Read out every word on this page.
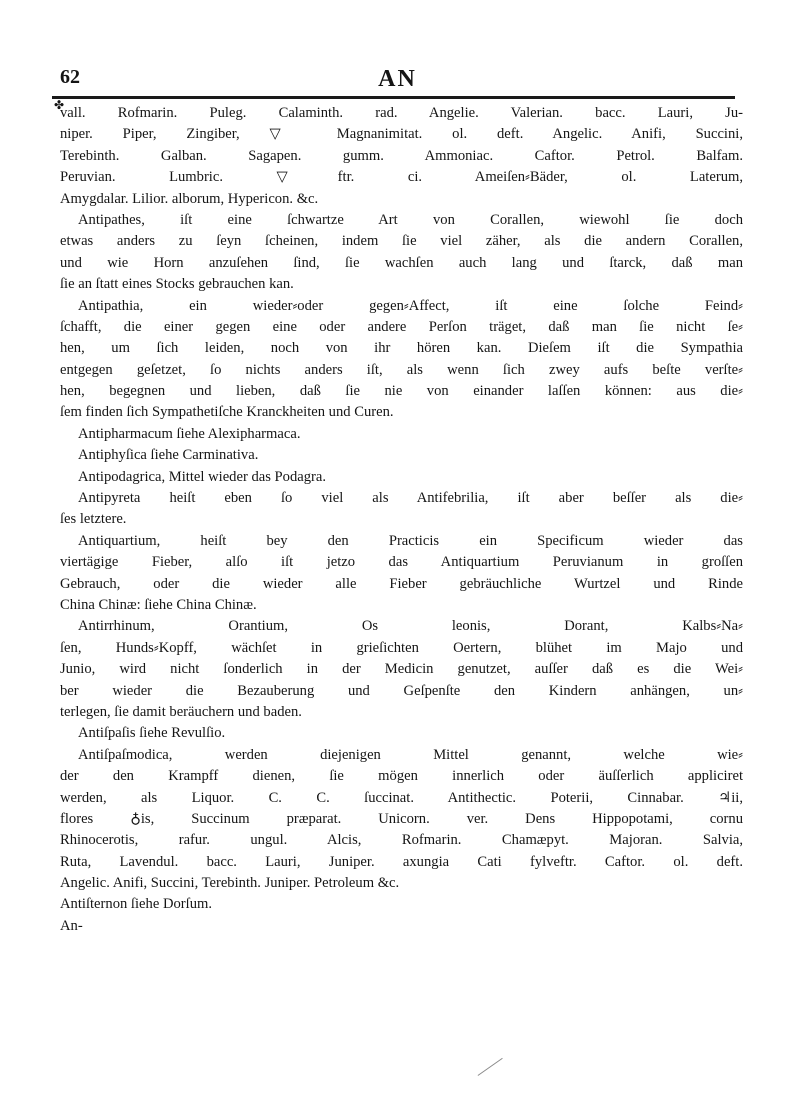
62	AN
✤
vall. Rofmarin. Puleg. Calaminth. rad. Angelie. Valerian. bacc. Lauri, Ju-
niper. Piper, Zingiber, ▽ Magnanimitat. ol. deft. Angelic. Anifi, Succini,
Terebinth. Galban. Sagapen. gumm. Ammoniac. Caftor. Petrol. Balfam.
Peruvian. Lumbric. ▽ftr. ci. Ameiſen⸗Bäder, ol. Laterum,
Amygdalar. Lilior. alborum, Hypericon. &c.
Antipathes, iſt eine ſchwartze Art von Corallen, wiewohl ſie doch
etwas anders zu ſeyn ſcheinen, indem ſie viel zäher, als die andern Corallen,
und wie Horn anzuſehen ſind, ſie wachſen auch lang und ſtarck, daß man
ſie an ſtatt eines Stocks gebrauchen kan.
Antipathia, ein wieder⸗oder gegen⸗Affect, iſt eine ſolche Feind⸗
ſchafft, die einer gegen eine oder andere Perſon träget, daß man ſie nicht ſe⸗
hen, um ſich leiden, noch von ihr hören kan. Dieſem iſt die Sympathia
entgegen geſetzet, ſo nichts anders iſt, als wenn ſich zwey aufs beſte verſte⸗
hen, begegnen und lieben, daß ſie nie von einander laſſen können: aus die⸗
ſem finden ſich Sympathetiſche Kranckheiten und Curen.
Antipharmacum ſiehe Alexipharmaca.
Antiphyſica ſiehe Carminativa.
Antipodagrica, Mittel wieder das Podagra.
Antipyreta heiſt eben ſo viel als Antifebrilia, iſt aber beſſer als die⸗
ſes letztere.
Antiquartium, heiſt bey den Practicis ein Specificum wieder das
viertägige Fieber, alſo iſt jetzo das Antiquartium Peruvianum in groſſen
Gebrauch, oder die wieder alle Fieber gebräuchliche Wurtzel und Rinde
China Chinæ: ſiehe China Chinæ.
Antirrhinum, Orantium, Os leonis, Dorant, Kalbs⸗Na⸗
ſen, Hunds⸗Kopff, wächſet in grieſichten Oertern, blühet im Majo und
Junio, wird nicht ſonderlich in der Medicin genutzet, auſſer daß es die Wei⸗
ber wieder die Bezauberung und Geſpenſte den Kindern anhängen, un⸗
terlegen, ſie damit beräuchern und baden.
Antiſpaſis ſiehe Revulſio.
Antiſpaſmodica, werden diejenigen Mittel genannt, welche wie⸗
der den Krampff dienen, ſie mögen innerlich oder äuſſerlich appliciret
werden, als Liquor. C. C. ſuccinat. Antithectic. Poterii, Cinnabar. ♃ii,
flores ♁is, Succinum præparat. Unicorn. ver. Dens Hippopotami, cornu
Rhinocerotis, rafur. ungul. Alcis, Rofmarin. Chamæpyt. Majoran. Salvia,
Ruta, Lavendul. bacc. Lauri, Juniper. axungia Cati fylveftr. Caftor. ol. deft.
Angelic. Anifi, Succini, Terebinth. Juniper. Petroleum &c.
Antiſternon ſiehe Dorſum.
An-
